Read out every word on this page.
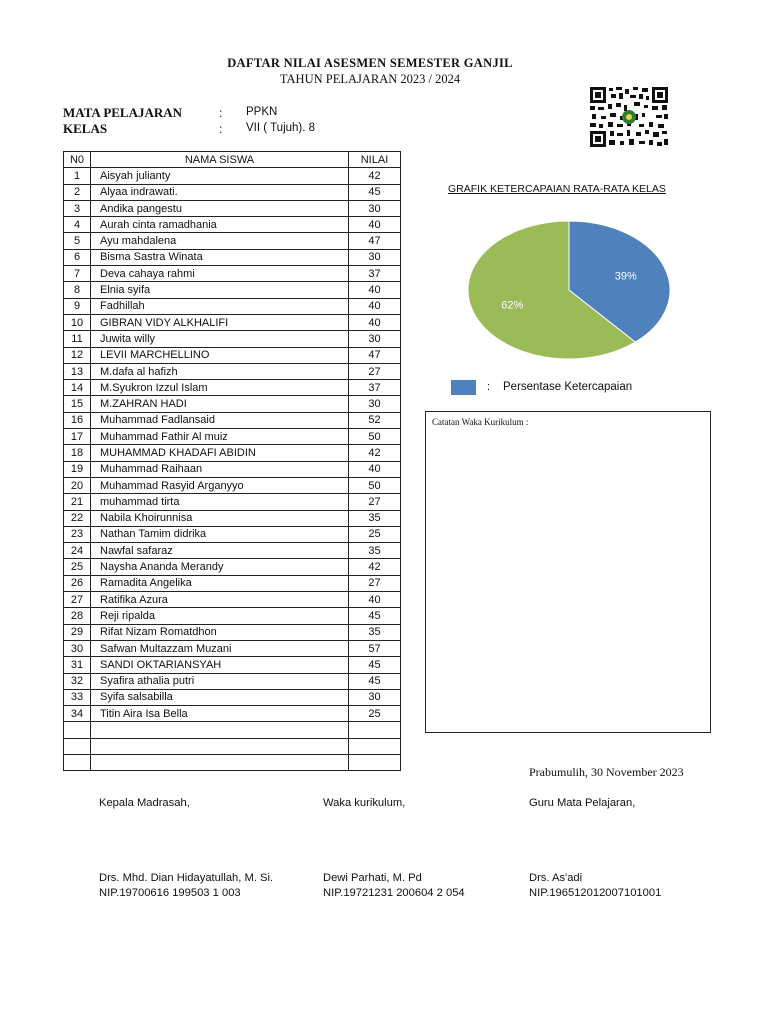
DAFTAR NILAI ASESMEN SEMESTER GANJIL
TAHUN PELAJARAN 2023 / 2024
MATA PELAJARAN	: PPKN
KELAS	: VII ( Tujuh). 8
N0	NAMA SISWA	NILAI
1	Aisyah julianty	42
2	Alyaa indrawati.	45
3	Andika pangestu	30
4	Aurah cinta ramadhania	40
5	Ayu mahdalena	47
6	Bisma Sastra Winata	30
7	Deva cahaya rahmi	37
8	Elnia syifa	40
9	Fadhillah	40
10	GIBRAN VIDY ALKHALIFI	40
11	Juwita willy	30
12	LEVII MARCHELLINO	47
13	M.dafa al hafizh	27
14	M.Syukron Izzul Islam	37
15	M.ZAHRAN HADI	30
16	Muhammad Fadlansaid	52
17	Muhammad Fathir Al muiz	50
18	MUHAMMAD KHADAFI ABIDIN	42
19	Muhammad Raihaan	40
20	Muhammad Rasyid Arganyyo	50
21	muhammad tirta	27
22	Nabila Khoirunnisa	35
23	Nathan Tamim didrika	25
24	Nawfal safaraz	35
25	Naysha Ananda Merandy	42
26	Ramadita Angelika	27
27	Ratifika Azura	40
28	Reji ripalda	45
29	Rifat Nizam Romatdhon	35
30	Safwan Multazzam Muzani	57
31	SANDI OKTARIANSYAH	45
32	Syafira athalia putri	45
33	Syifa salsabilla	30
34	Titin Aira Isa Bella	25

GRAFIK KETERCAPAIAN RATA-RATA KELAS
39%
62%
: Persentase Ketercapaian
Catatan Waka Kurikulum :
Prabumulih, 30 November 2023
Kepala Madrasah,
Drs. Mhd. Dian Hidayatullah, M. Si.
NIP.19700616 199503 1 003
Waka kurikulum,
Dewi Parhati, M. Pd
NIP.19721231 200604 2 054
Guru Mata Pelajaran,
Drs. As'adi
NIP.196512012007101001
